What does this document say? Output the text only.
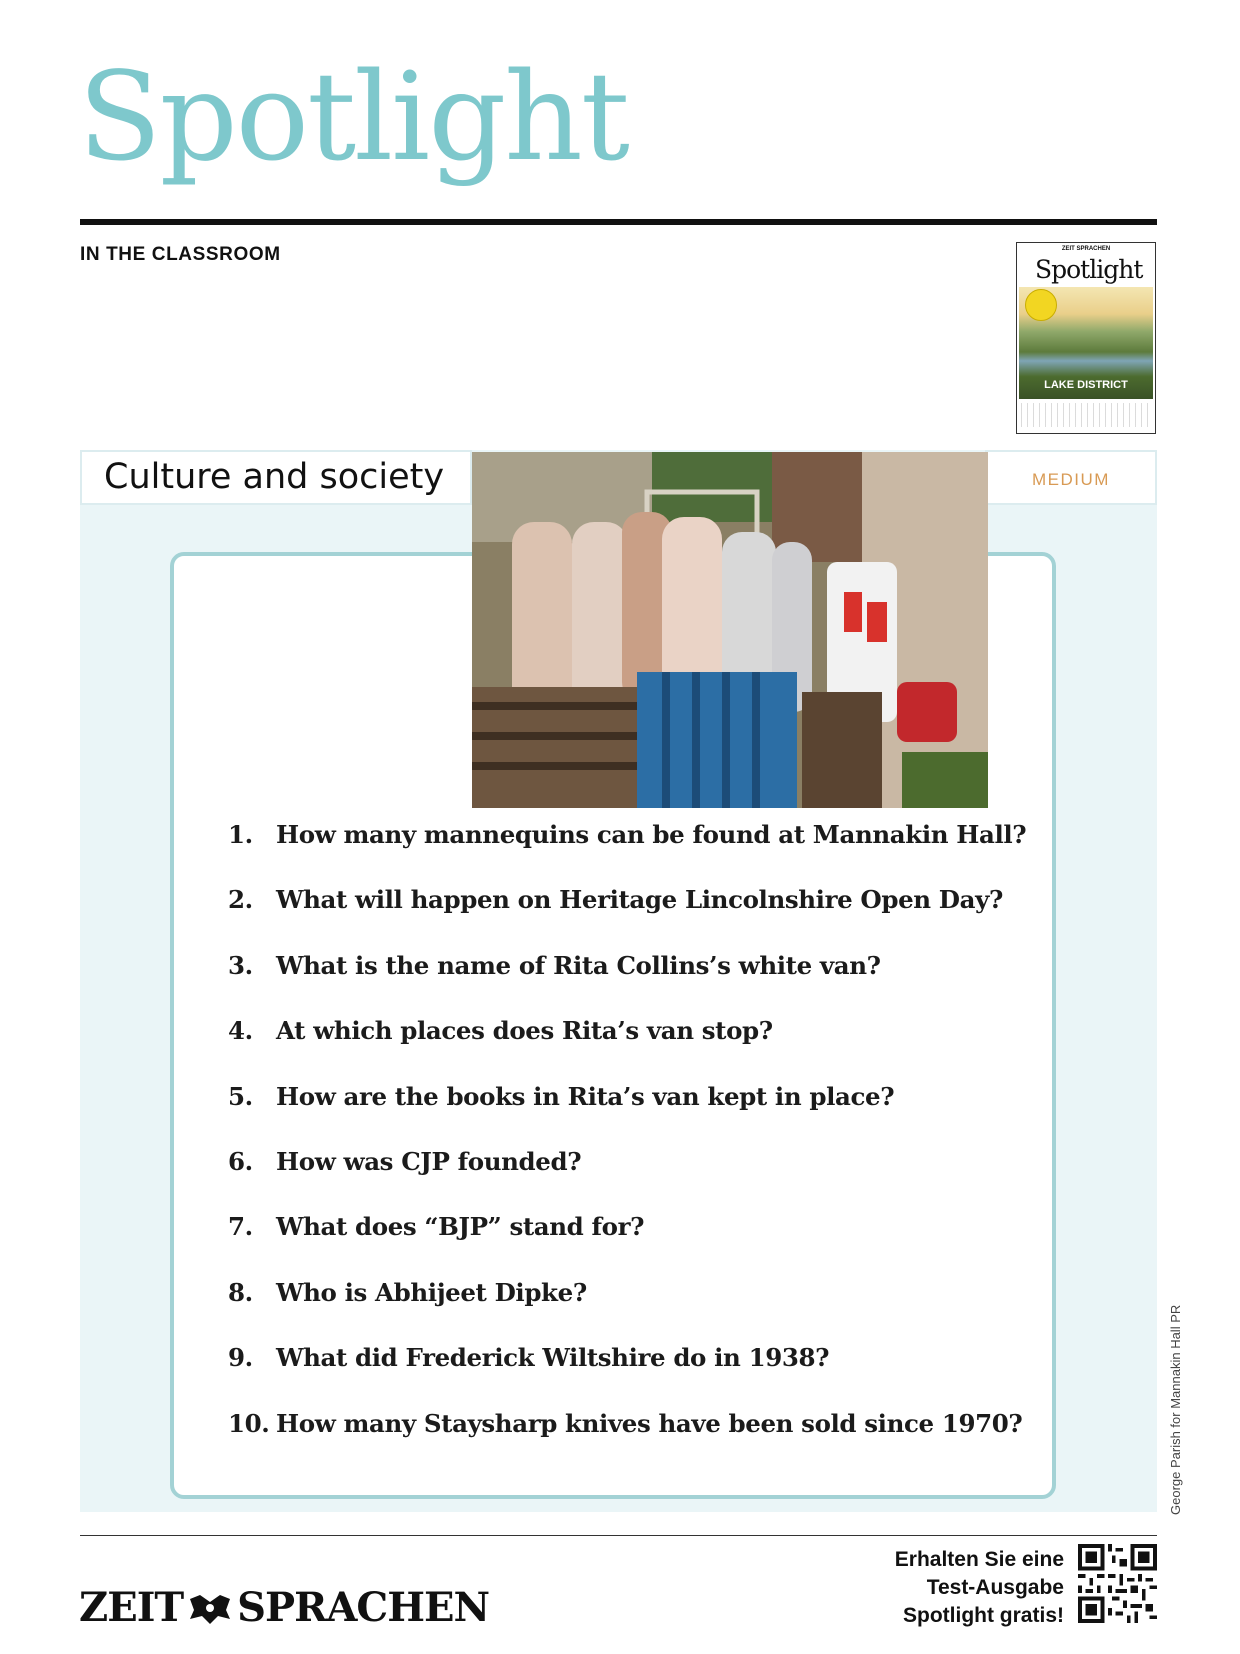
Spotlight
IN THE CLASSROOM	ZEIT SPRACHEN
Spotlight
LAKE DISTRICT
Culture and society	MEDIUM
1. How many mannequins can be found at Mannakin Hall?
2. What will happen on Heritage Lincolnshire Open Day?
3. What is the name of Rita Collins’s white van?
4. At which places does Rita’s van stop?
5. How are the books in Rita’s van kept in place?
6. How was CJP founded?
7. What does “BJP” stand for?
8. Who is Abhijeet Dipke?
9. What did Frederick Wiltshire do in 1938?
10. How many Staysharp knives have been sold since 1970?	George Parish for Mannakin Hall PR
ZEIT SPRACHEN
Erhalten Sie eine
Test-Ausgabe
Spotlight gratis!
